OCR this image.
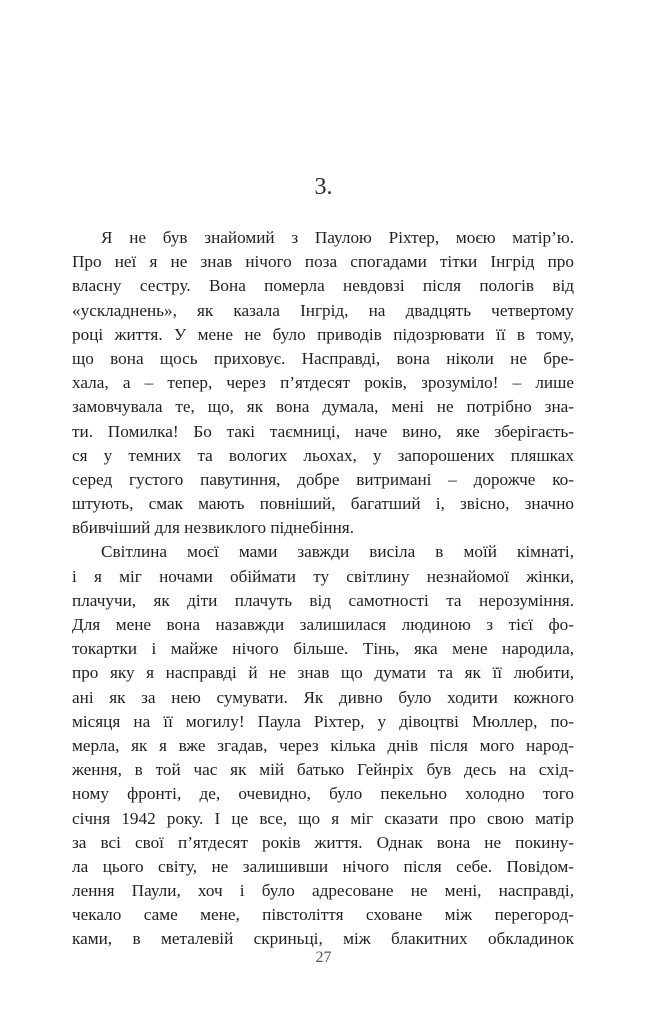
3.
Я не був знайомий з Паулою Ріхтер, моєю матір’ю.
Про неї я не знав нічого поза спогадами тітки Інгрід про
власну сестру. Вона померла невдовзі після пологів від
«ускладнень», як казала Інгрід, на двадцять четвертому
році життя. У мене не було приводів підозрювати її в тому,
що вона щось приховує. Насправді, вона ніколи не бре-
хала, а – тепер, через п’ятдесят років, зрозуміло! – лише
замовчувала те, що, як вона думала, мені не потрібно зна-
ти. Помилка! Бо такі таємниці, наче вино, яке зберігаєть-
ся у темних та вологих льохах, у запорошених пляшках
серед густого павутиння, добре витримані – дорожче ко-
штують, смак мають повніший, багатший і, звісно, значно
вбивчіший для незвиклого піднебіння.
Світлина моєї мами завжди висіла в моїй кімнаті,
і я міг ночами обіймати ту світлину незнайомої жінки,
плачучи, як діти плачуть від самотності та нерозуміння.
Для мене вона назавжди залишилася людиною з тієї фо-
токартки і майже нічого більше. Тінь, яка мене народила,
про яку я насправді й не знав що думати та як її любити,
ані як за нею сумувати. Як дивно було ходити кожного
місяця на її могилу! Паула Ріхтер, у дівоцтві Мюллер, по-
мерла, як я вже згадав, через кілька днів після мого народ-
ження, в той час як мій батько Гейнріх був десь на схід-
ному фронті, де, очевидно, було пекельно холодно того
січня 1942 року. І це все, що я міг сказати про свою матір
за всі свої п’ятдесят років життя. Однак вона не покину-
ла цього світу, не залишивши нічого після себе. Повідом-
лення Паули, хоч і було адресоване не мені, насправді,
чекало саме мене, півстоліття сховане між перегород-
ками, в металевій скриньці, між блакитних обкладинок
27
